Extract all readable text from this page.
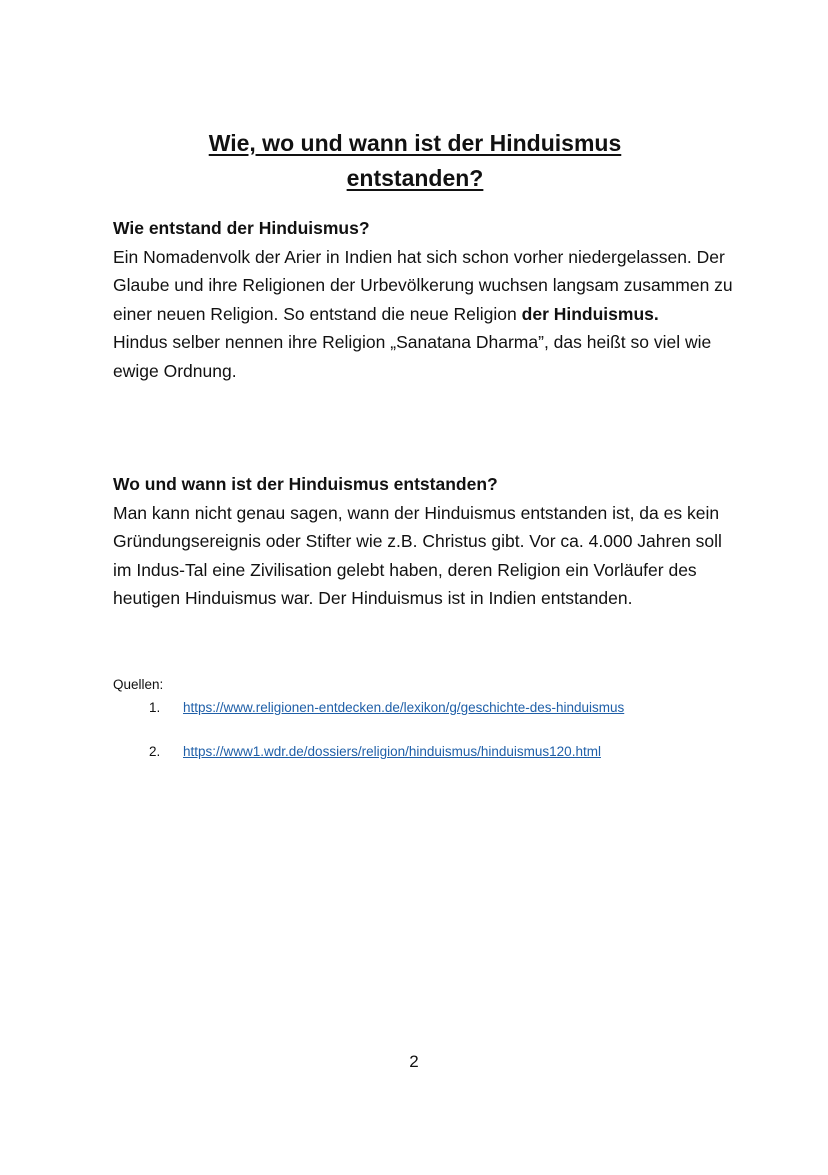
Wie, wo und wann ist der Hinduismus entstanden?
Wie entstand der Hinduismus?

Ein Nomadenvolk der Arier in Indien hat sich schon vorher niedergelassen. Der Glaube und ihre Religionen der Urbevölkerung wuchsen langsam zusammen zu einer neuen Religion. So entstand die neue Religion der Hinduismus.

Hindus selber nennen ihre Religion „Sanatana Dharma”, das heißt so viel wie ewige Ordnung.

Wo und wann ist der Hinduismus entstanden?

Man kann nicht genau sagen, wann der Hinduismus entstanden ist, da es kein Gründungsereignis oder Stifter wie z.B. Christus gibt. Vor ca. 4.000 Jahren soll im Indus-Tal eine Zivilisation gelebt haben, deren Religion ein Vorläufer des heutigen Hinduismus war. Der Hinduismus ist in Indien entstanden.

Quellen:

1. https://www.religionen-entdecken.de/lexikon/g/geschichte-des-hinduismus
2. https://www1.wdr.de/dossiers/religion/hinduismus/hinduismus120.html

2
